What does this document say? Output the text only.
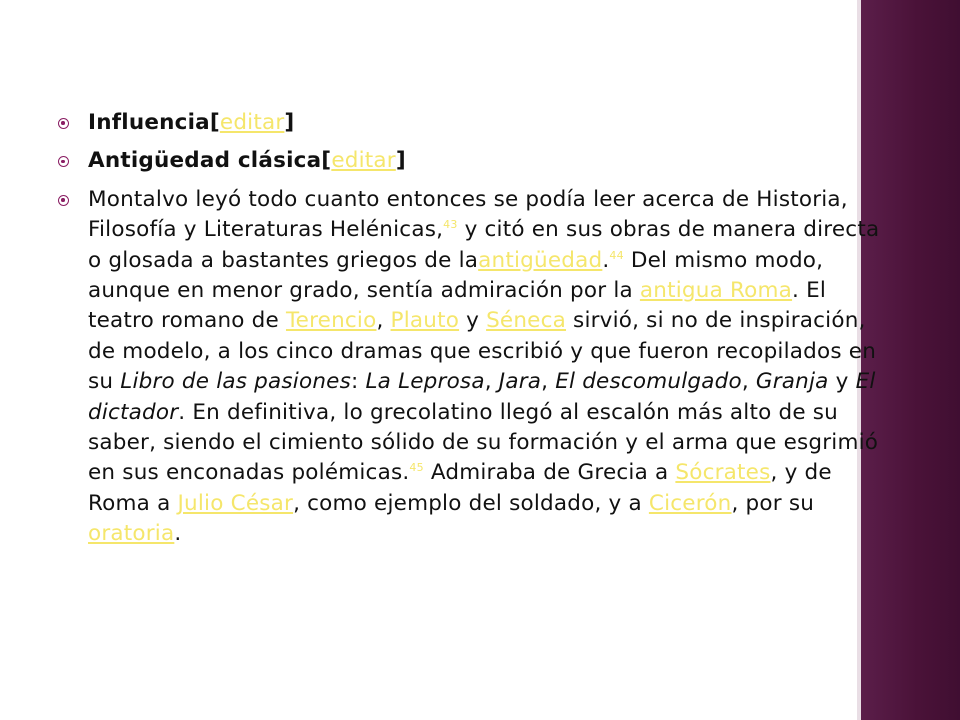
Influencia[editar]
Antigüedad clásica[editar]
Montalvo leyó todo cuanto entonces se podía leer acerca de Historia, Filosofía y Literaturas Helénicas,$^{43}$ y citó en sus obras de manera directa o glosada a bastantes griegos de laantigüedad.$^{44}$ Del mismo modo, aunque en menor grado, sentía admiración por la antigua Roma. El teatro romano de Terencio, Plauto y Séneca sirvió, si no de inspiración, de modelo, a los cinco dramas que escribió y que fueron recopilados en su Libro de las pasiones: La Leprosa, Jara, El descomulgado, Granja y El dictador. En definitiva, lo grecolatino llegó al escalón más alto de su saber, siendo el cimiento sólido de su formación y el arma que esgrimió en sus enconadas polémicas.$^{45}$ Admiraba de Grecia a Sócrates, y de Roma a Julio César, como ejemplo del soldado, y a Cicerón, por su oratoria.
